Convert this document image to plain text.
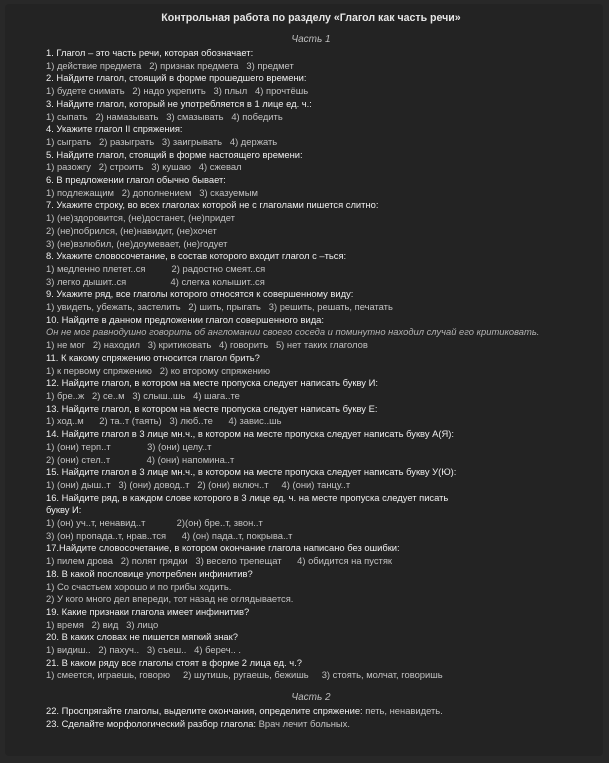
Контрольная работа по разделу «Глагол как часть речи»
Часть 1
1. Глагол – это часть речи, которая обозначает:
1) действие предмета   2) признак предмета   3) предмет
2. Найдите глагол, стоящий в форме прошедшего времени:
1) будете снимать   2) надо укрепить   3) плыл   4) прочтёшь
3. Найдите глагол, который не употребляется в 1 лице ед. ч.:
1) сыпать   2) намазывать   3) смазывать   4) победить
4. Укажите глагол II спряжения:
1) сыграть   2) разыграть   3) заигрывать   4) держать
5. Найдите глагол, стоящий в форме настоящего времени:
1) разожгу   2) строить   3) кушаю   4) сжевал
6. В предложении глагол обычно бывает:
1) подлежащим   2) дополнением   3) сказуемым
7. Укажите строку, во всех глаголах которой не с глаголами пишется слитно:
1) (не)здоровится, (не)достанет, (не)придет
2) (не)побрился, (не)навидит, (не)хочет
3) (не)взлюбил, (не)доумевает, (не)годует
8. Укажите словосочетание, в состав которого входит глагол с –ться:
1) медленно плетет..ся          2) радостно смеят..ся
3) легко дышит..ся                 4) слегка колышит..ся
9. Укажите ряд, все глаголы которого относятся к совершенному виду:
1) увидеть, убежать, застелить   2) шить, прыгать   3) решить, решать, печатать
10. Найдите в данном предложении глагол совершенного вида:
Он не мог равнодушно говорить об англомании своего соседа и поминутно находил случай его критиковать.
1) не мог   2) находил   3) критиковать   4) говорить   5) нет таких глаголов
11. К какому спряжению относится глагол брить?
1) к первому спряжению   2) ко второму спряжению
12. Найдите глагол, в котором на месте пропуска следует написать букву И:
1) бре..ж   2) се..м   3) слыш..шь   4) шага..те
13. Найдите глагол, в котором на месте пропуска следует написать букву Е:
1) ход..м      2) та..т (таять)   3) люб..те      4) завис..шь
14. Найдите глагол в 3 лице мн.ч., в котором на месте пропуска следует написать букву А(Я):
1) (они) терп..т              3) (они) целу..т
2) (они) стел..т              4) (они) напомина..т
15. Найдите глагол в 3 лице мн.ч., в котором на месте пропуска следует написать букву У(Ю):
1) (они) дыш..т   3) (они) довод..т   2) (они) включ..т     4) (они) танцу..т
16. Найдите ряд, в каждом слове которого в 3 лице ед. ч. на месте пропуска следует писать
букву И:
1) (он) уч..т, ненавид..т            2)(он) бре..т, звон..т
3) (он) пропада..т, нрав..тся      4) (он) пада..т, покрыва..т
17.Найдите словосочетание, в котором окончание глагола написано без ошибки:
1) пилем дрова   2) полят грядки   3) весело трепещат      4) обидится на пустяк
18. В какой пословице употреблен инфинитив?
1) Со счастьем хорошо и по грибы ходить.
2) У кого много дел впереди, тот назад не оглядывается.
19. Какие признаки глагола имеет инфинитив?
1) время   2) вид   3) лицо
20. В каких словах не пишется мягкий знак?
1) видиш..   2) пахуч..   3) съеш..   4) береч.. .
21. В каком ряду все глаголы стоят в форме 2 лица ед. ч.?
1) смеется, играешь, говорю     2) шутишь, ругаешь, бежишь     3) стоять, молчат, говоришь
Часть 2
22. Проспрягайте глаголы, выделите окончания, определите спряжение: петь, ненавидеть.
23. Сделайте морфологический разбор глагола: Врач лечит больных.
